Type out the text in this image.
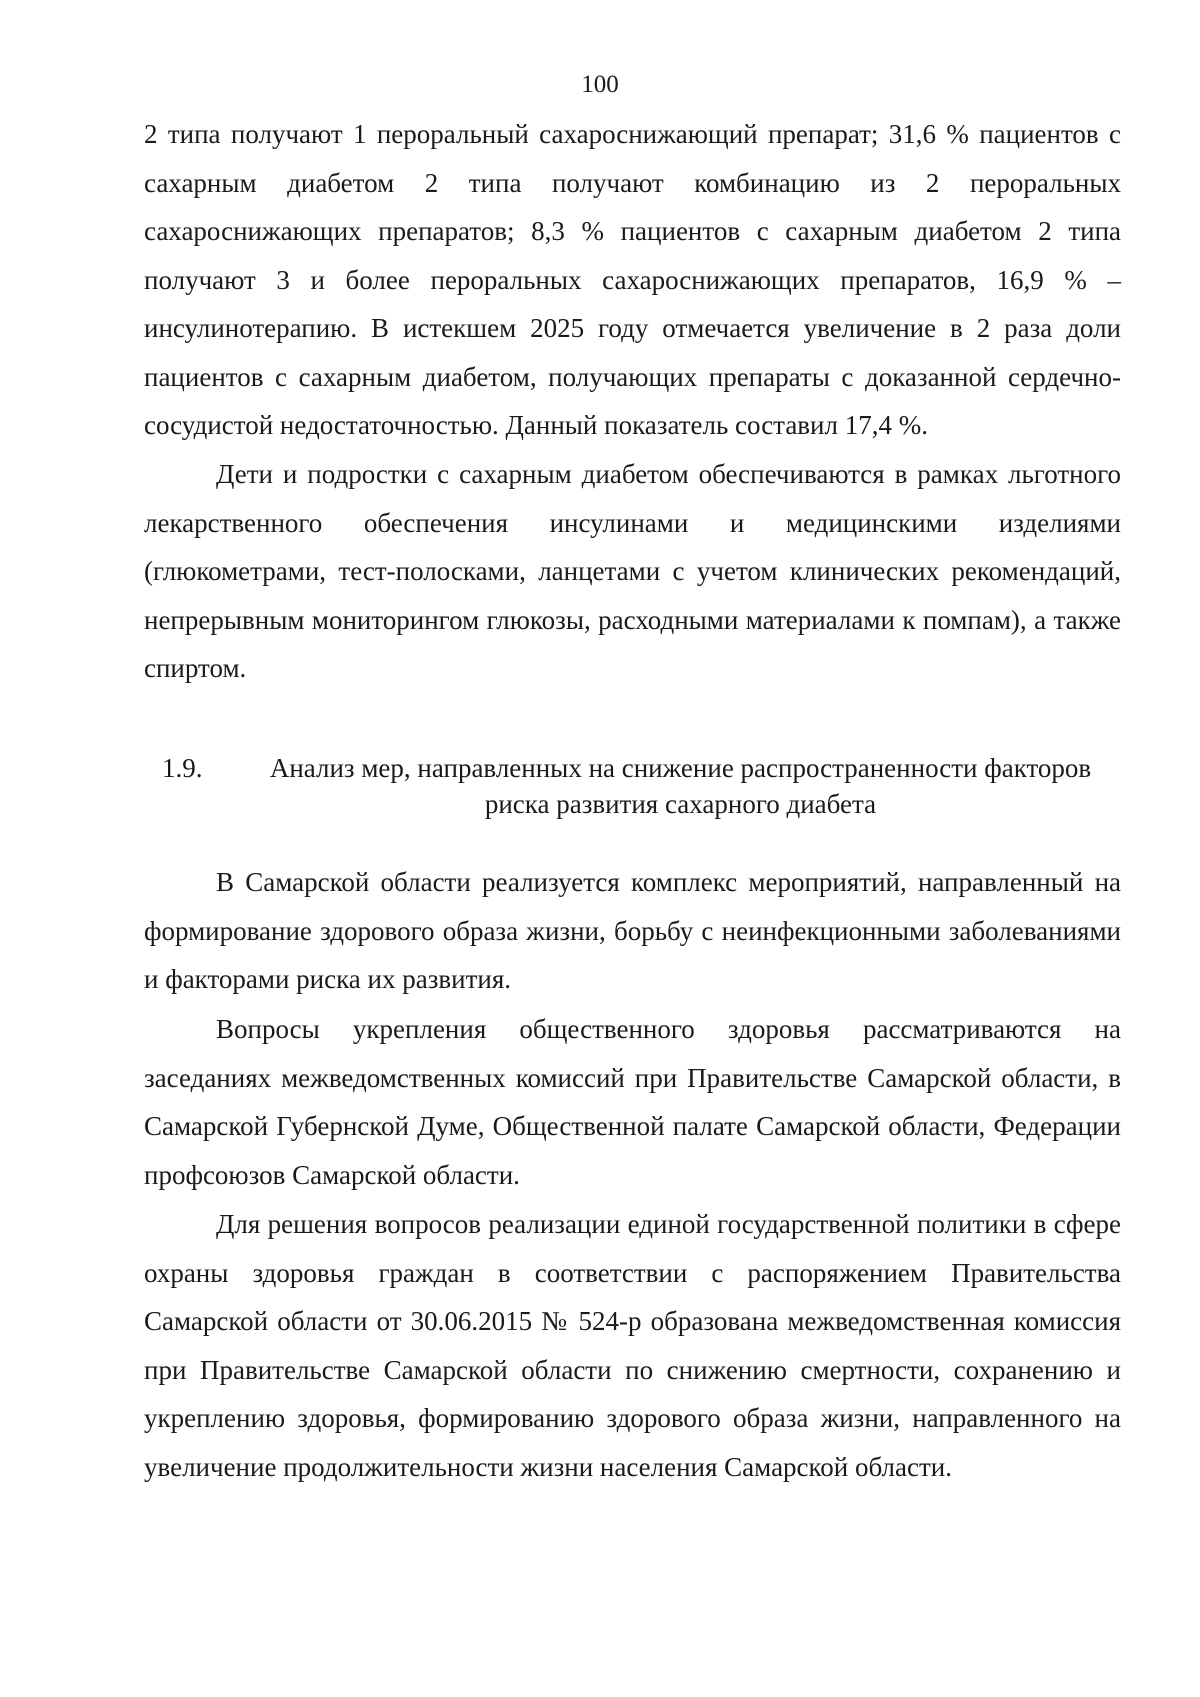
100

2 типа получают 1 пероральный сахароснижающий препарат; 31,6 % пациентов с сахарным диабетом 2 типа получают комбинацию из 2 пероральных сахароснижающих препаратов; 8,3 % пациентов с сахарным диабетом 2 типа получают 3 и более пероральных сахароснижающих препаратов, 16,9 % – инсулинотерапию. В истекшем 2025 году отмечается увеличение в 2 раза доли пациентов с сахарным диабетом, получающих препараты с доказанной сердечно-сосудистой недостаточностью. Данный показатель составил 17,4 %.

Дети и подростки с сахарным диабетом обеспечиваются в рамках льготного лекарственного обеспечения инсулинами и медицинскими изделиями (глюкометрами, тест-полосками, ланцетами с учетом клинических рекомендаций, непрерывным мониторингом глюкозы, расходными материалами к помпам), а также спиртом.

1.9.	Анализ мер, направленных на снижение распространенности факторов риска развития сахарного диабета

В Самарской области реализуется комплекс мероприятий, направленный на формирование здорового образа жизни, борьбу с неинфекционными заболеваниями и факторами риска их развития.

Вопросы укрепления общественного здоровья рассматриваются на заседаниях межведомственных комиссий при Правительстве Самарской области, в Самарской Губернской Думе, Общественной палате Самарской области, Федерации профсоюзов Самарской области.

Для решения вопросов реализации единой государственной политики в сфере охраны здоровья граждан в соответствии с распоряжением Правительства Самарской области от 30.06.2015 № 524-р образована межведомственная комиссия при Правительстве Самарской области по снижению смертности, сохранению и укреплению здоровья, формированию здорового образа жизни, направленного на увеличение продолжительности жизни населения Самарской области.
